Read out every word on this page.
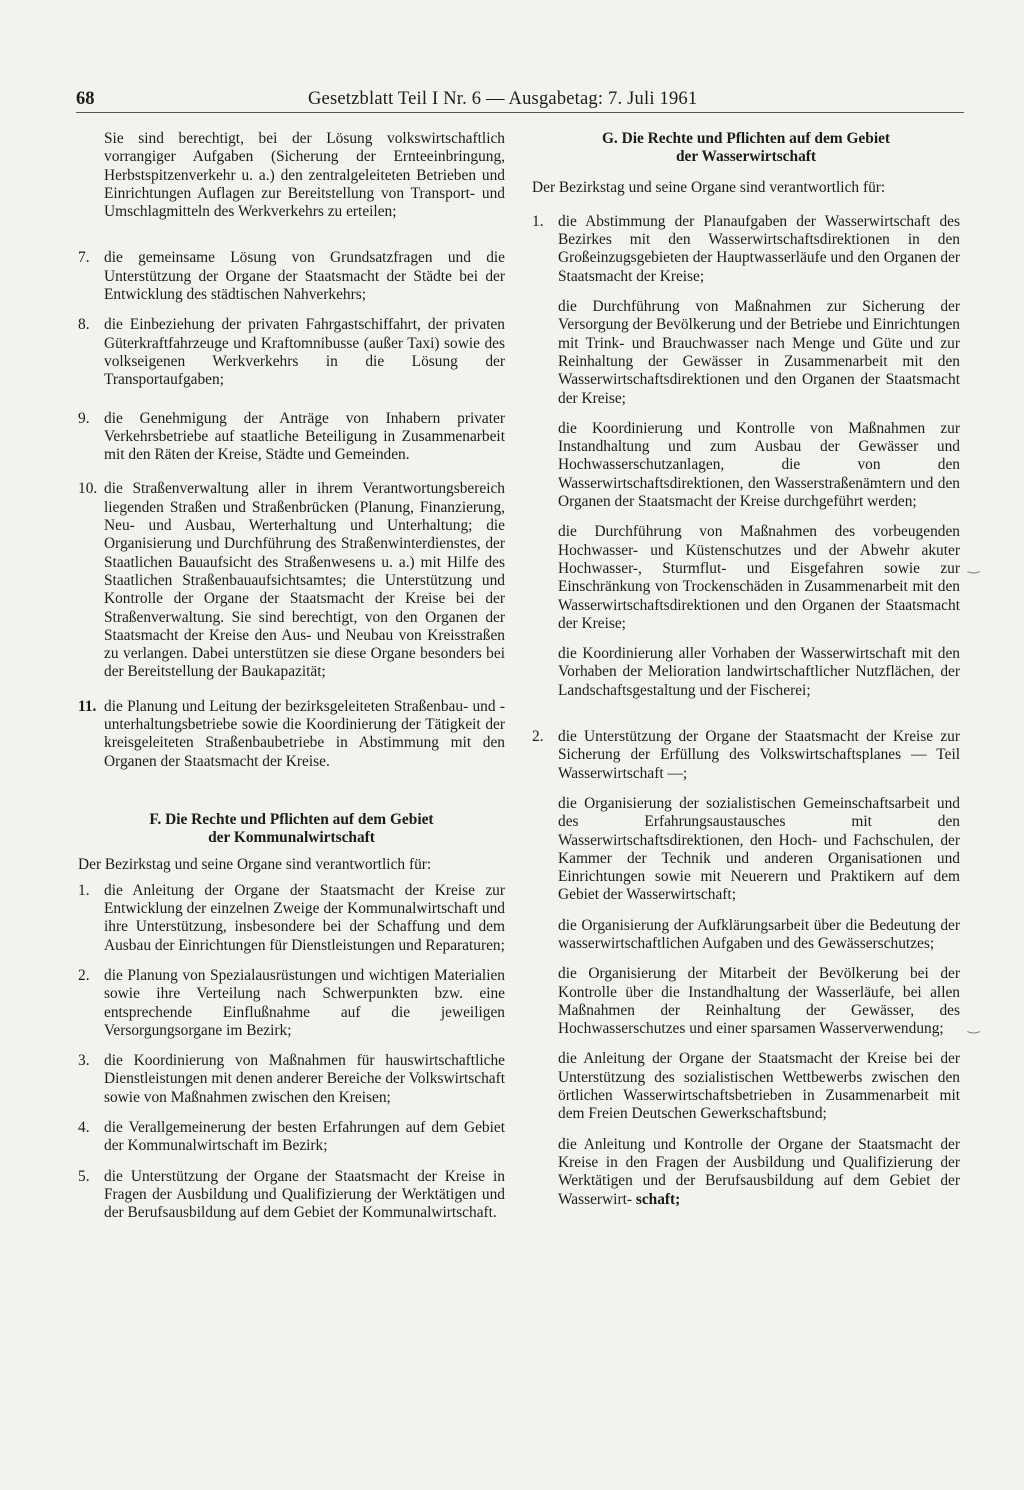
68	Gesetzblatt Teil I Nr. 6 — Ausgabetag: 7. Juli 1961

Sie sind berechtigt, bei der Lösung volkswirtschaftlich vorrangiger Aufgaben (Sicherung der Ernteeinbringung, Herbstspitzenverkehr u. a.) den zentralgeleiteten Betrieben und Einrichtungen Auflagen zur Bereitstellung von Transport- und Umschlagmitteln des Werkverkehrs zu erteilen;

7. die gemeinsame Lösung von Grundsatzfragen und die Unterstützung der Organe der Staatsmacht der Städte bei der Entwicklung des städtischen Nahverkehrs;
8. die Einbeziehung der privaten Fahrgastschiffahrt, der privaten Güterkraftfahrzeuge und Kraftomnibusse (außer Taxi) sowie des volkseigenen Werkverkehrs in die Lösung der Transportaufgaben;
9. die Genehmigung der Anträge von Inhabern privater Verkehrsbetriebe auf staatliche Beteiligung in Zusammenarbeit mit den Räten der Kreise, Städte und Gemeinden.
10. die Straßenverwaltung aller in ihrem Verantwortungsbereich liegenden Straßen und Straßenbrücken (Planung, Finanzierung, Neu- und Ausbau, Werterhaltung und Unterhaltung; die Organisierung und Durchführung des Straßenwinterdienstes, der Staatlichen Bauaufsicht des Straßenwesens u. a.) mit Hilfe des Staatlichen Straßenbauaufsichtsamtes; die Unterstützung und Kontrolle der Organe der Staatsmacht der Kreise bei der Straßenverwaltung. Sie sind berechtigt, von den Organen der Staatsmacht der Kreise den Aus- und Neubau von Kreisstraßen zu verlangen. Dabei unterstützen sie diese Organe besonders bei der Bereitstellung der Baukapazität;
11. die Planung und Leitung der bezirksgeleiteten Straßenbau- und -unterhaltungsbetriebe sowie die Koordinierung der Tätigkeit der kreisgeleiteten Straßenbaubetriebe in Abstimmung mit den Organen der Staatsmacht der Kreise.

F. Die Rechte und Pflichten auf dem Gebiet

der Kommunalwirtschaft

Der Bezirkstag und seine Organe sind verantwortlich für:

1. die Anleitung der Organe der Staatsmacht der Kreise zur Entwicklung der einzelnen Zweige der Kommunalwirtschaft und ihre Unterstützung, insbesondere bei der Schaffung und dem Ausbau der Einrichtungen für Dienstleistungen und Reparaturen;
2. die Planung von Spezialausrüstungen und wichtigen Materialien sowie ihre Verteilung nach Schwerpunkten bzw. eine entsprechende Einflußnahme auf die jeweiligen Versorgungsorgane im Bezirk;
3. die Koordinierung von Maßnahmen für hauswirtschaftliche Dienstleistungen mit denen anderer Bereiche der Volkswirtschaft sowie von Maßnahmen zwischen den Kreisen;
4. die Verallgemeinerung der besten Erfahrungen auf dem Gebiet der Kommunalwirtschaft im Bezirk;
5. die Unterstützung der Organe der Staatsmacht der Kreise in Fragen der Ausbildung und Qualifizierung der Werktätigen und der Berufsausbildung auf dem Gebiet der Kommunalwirtschaft.

G. Die Rechte und Pflichten auf dem Gebiet

der Wasserwirtschaft

Der Bezirkstag und seine Organe sind verantwortlich für:

1. die Abstimmung der Planaufgaben der Wasserwirtschaft des Bezirkes mit den Wasserwirtschaftsdirektionen in den Großeinzugsgebieten der Hauptwasserläufe und den Organen der Staatsmacht der Kreise;

die Durchführung von Maßnahmen zur Sicherung der Versorgung der Bevölkerung und der Betriebe und Einrichtungen mit Trink- und Brauchwasser nach Menge und Güte und zur Reinhaltung der Gewässer in Zusammenarbeit mit den Wasserwirtschaftsdirektionen und den Organen der Staatsmacht der Kreise;

die Koordinierung und Kontrolle von Maßnahmen zur Instandhaltung und zum Ausbau der Gewässer und Hochwasserschutzanlagen, die von den Wasserwirtschaftsdirektionen, den Wasserstraßenämtern und den Organen der Staatsmacht der Kreise durchgeführt werden;

die Durchführung von Maßnahmen des vorbeugenden Hochwasser- und Küstenschutzes und der Abwehr akuter Hochwasser-, Sturmflut- und Eisgefahren sowie zur Einschränkung von Trockenschäden in Zusammenarbeit mit den Wasserwirtschaftsdirektionen und den Organen der Staatsmacht der Kreise;

die Koordinierung aller Vorhaben der Wasserwirtschaft mit den Vorhaben der Melioration landwirtschaftlicher Nutzflächen, der Landschaftsgestaltung und der Fischerei;

2. die Unterstützung der Organe der Staatsmacht der Kreise zur Sicherung der Erfüllung des Volkswirtschaftsplanes — Teil Wasserwirtschaft —;

die Organisierung der sozialistischen Gemeinschaftsarbeit und des Erfahrungsaustausches mit den Wasserwirtschaftsdirektionen, den Hoch- und Fachschulen, der Kammer der Technik und anderen Organisationen und Einrichtungen sowie mit Neuerern und Praktikern auf dem Gebiet der Wasserwirtschaft;

die Organisierung der Aufklärungsarbeit über die Bedeutung der wasserwirtschaftlichen Aufgaben und des Gewässerschutzes;

die Organisierung der Mitarbeit der Bevölkerung bei der Kontrolle über die Instandhaltung der Wasserläufe, bei allen Maßnahmen der Reinhaltung der Gewässer, des Hochwasserschutzes und einer sparsamen Wasserverwendung;

die Anleitung der Organe der Staatsmacht der Kreise bei der Unterstützung des sozialistischen Wettbewerbs zwischen den örtlichen Wasserwirtschaftsbetrieben in Zusammenarbeit mit dem Freien Deutschen Gewerkschaftsbund;

die Anleitung und Kontrolle der Organe der Staatsmacht der Kreise in den Fragen der Ausbildung und Qualifizierung der Werktätigen und der Berufsausbildung auf dem Gebiet der Wasserwirt- schaft;

‿
‿
